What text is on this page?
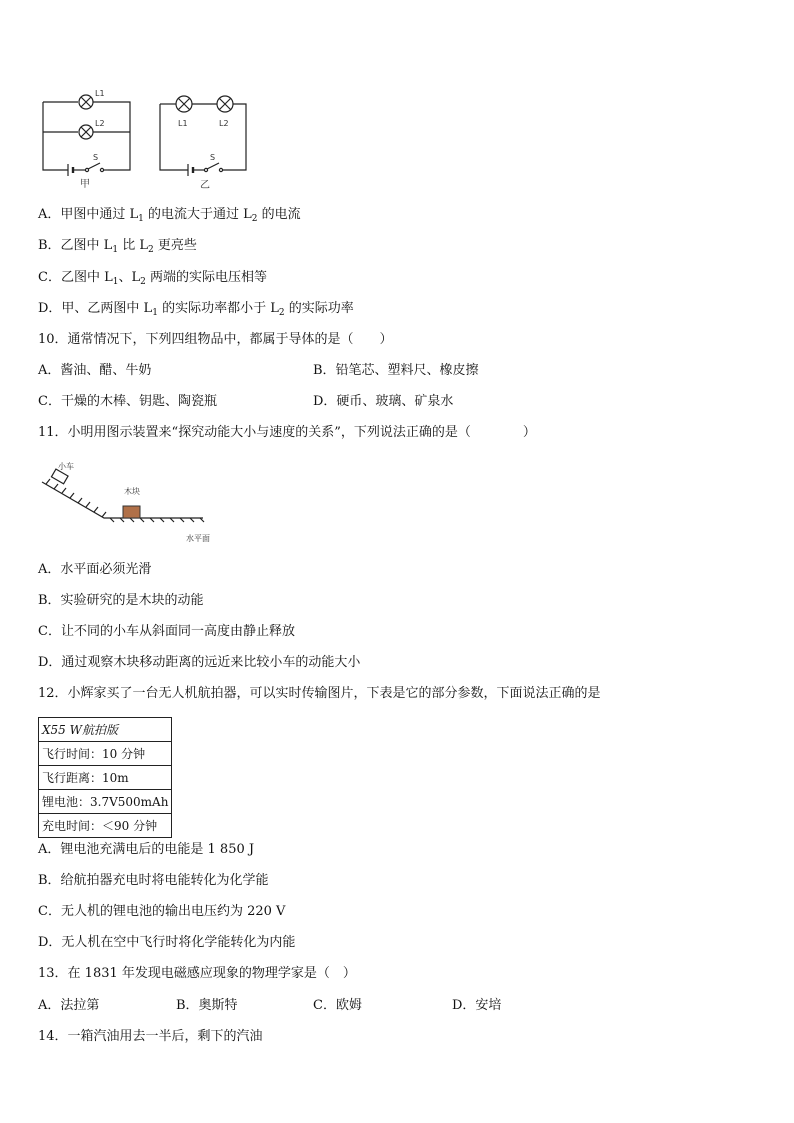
L1
L2
S
甲
L1	L2
S
乙
A．甲图中通过 $L_1$ 的电流大于通过 $L_2$ 的电流
B．乙图中 $L_1$ 比 $L_2$ 更亮些
C．乙图中 $L_1$、$L_2$ 两端的实际电压相等
D．甲、乙两图中 $L_1$ 的实际功率都小于 $L_2$ 的实际功率
10．通常情况下，下列四组物品中，都属于导体的是（　　）
A．酱油、醋、牛奶	B．铅笔芯、塑料尺、橡皮擦
C．干燥的木棒、钥匙、陶瓷瓶	D．硬币、玻璃、矿泉水
11．小明用图示装置来“探究动能大小与速度的关系”，下列说法正确的是（　　　　）
小车
木块
水平面
A．水平面必须光滑
B．实验研究的是木块的动能
C．让不同的小车从斜面同一高度由静止释放
D．通过观察木块移动距离的远近来比较小车的动能大小
12．小辉家买了一台无人机航拍器，可以实时传输图片，下表是它的部分参数，下面说法正确的是
X55 W航拍版
飞行时间：10 分钟
飞行距离：10m
锂电池：3.7V500mAh
充电时间：＜90 分钟
A．锂电池充满电后的电能是 1 850 J
B．给航拍器充电时将电能转化为化学能
C．无人机的锂电池的输出电压约为 220 V
D．无人机在空中飞行时将化学能转化为内能
13．在 1831 年发现电磁感应现象的物理学家是（　）
A．法拉第	B．奥斯特	C．欧姆	D．安培
14．一箱汽油用去一半后，剩下的汽油
